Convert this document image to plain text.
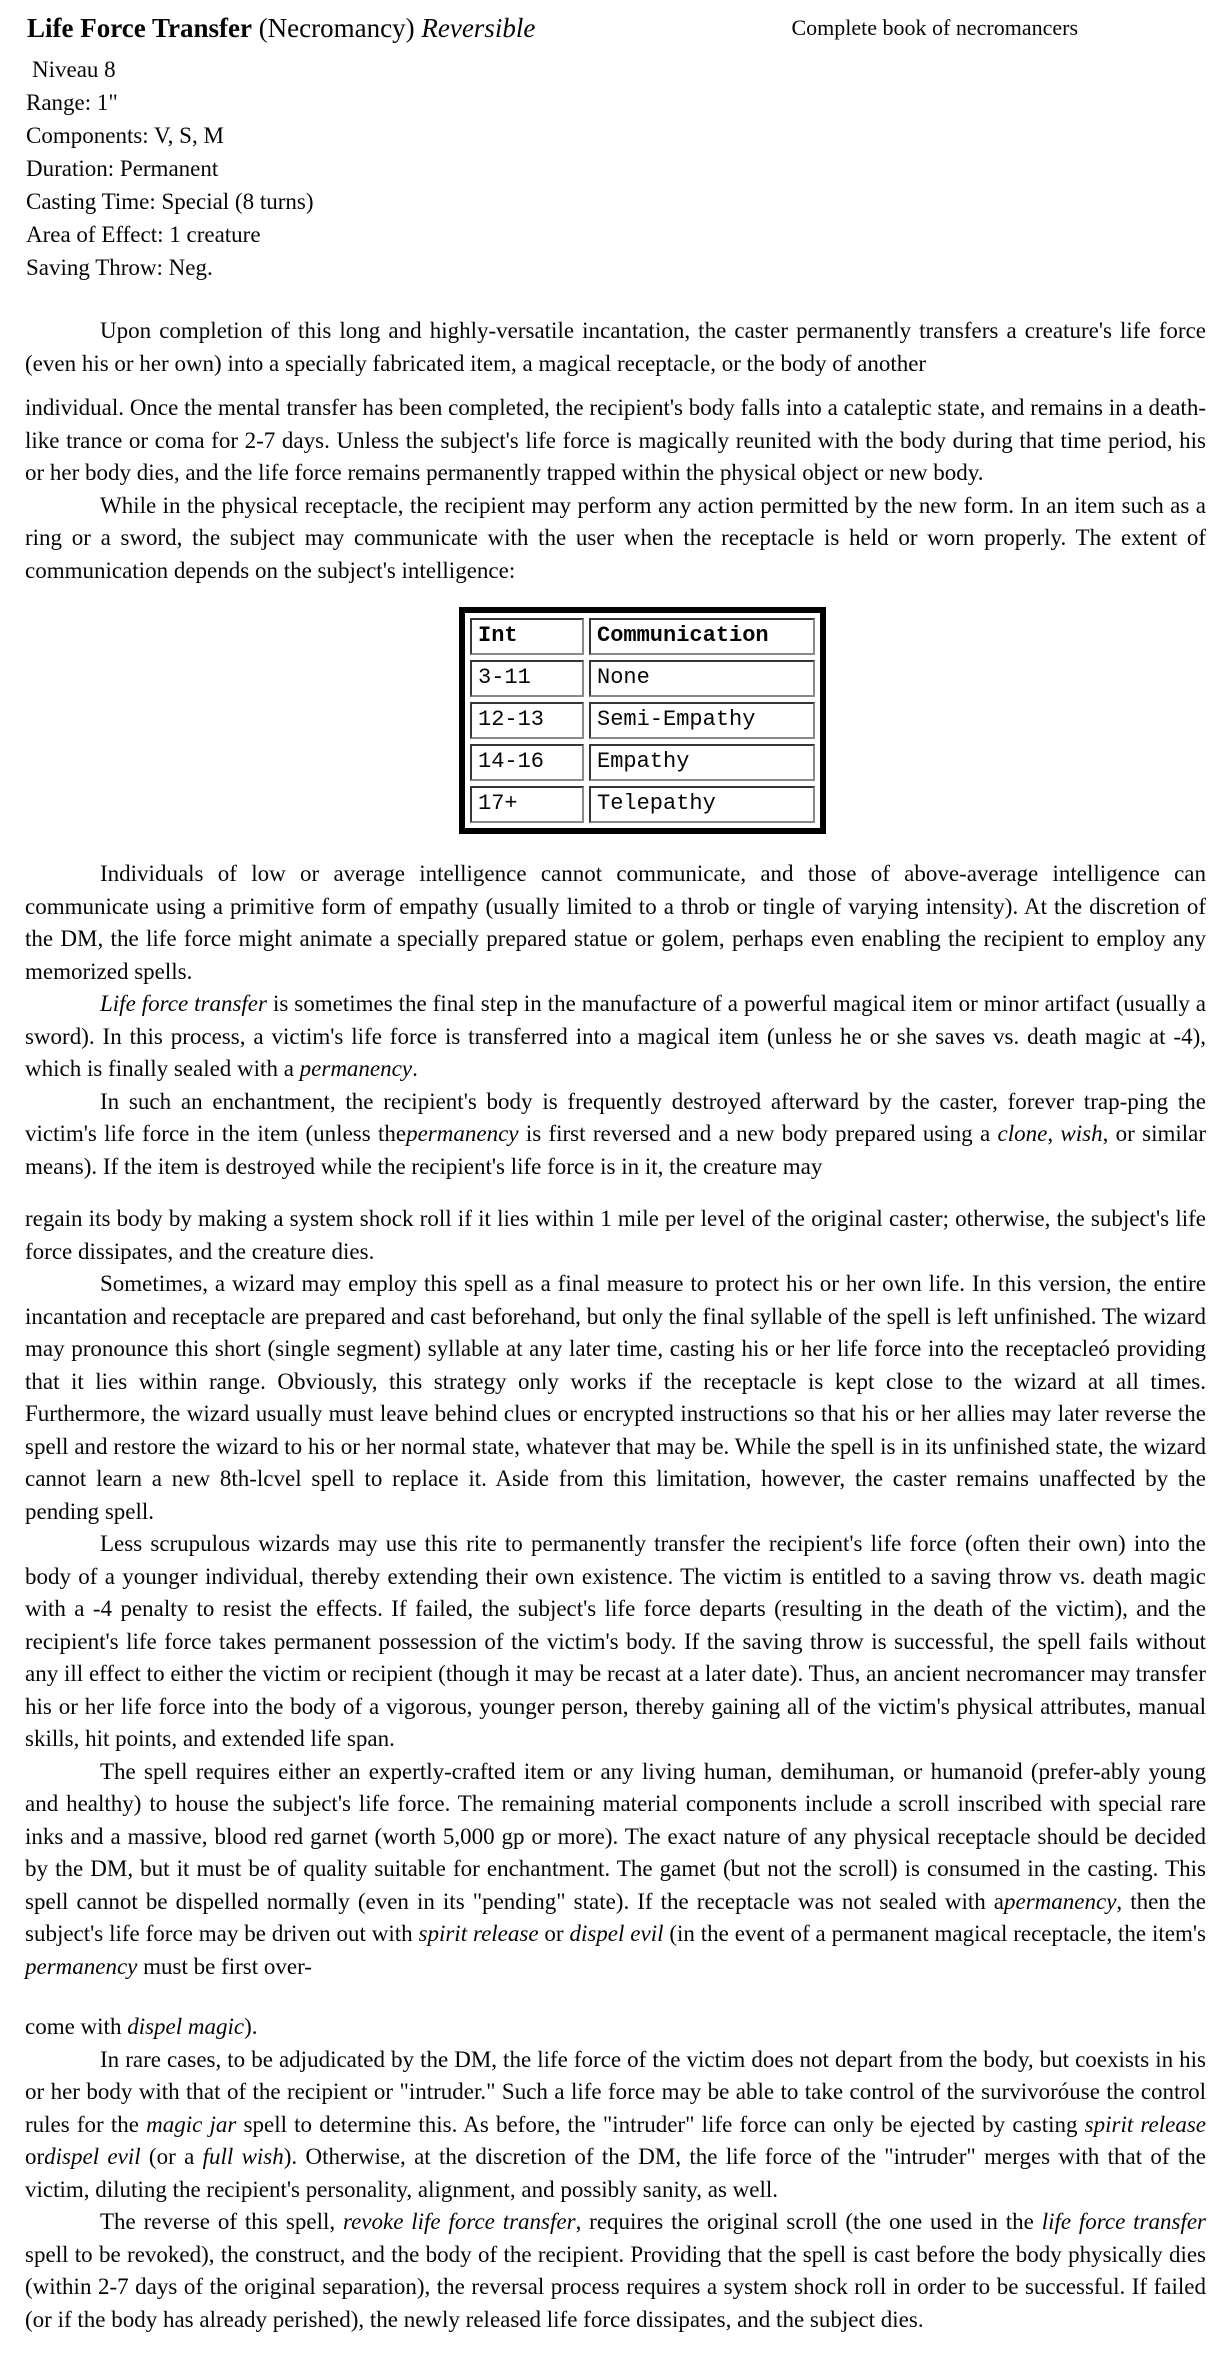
Life Force Transfer (Necromancy) Reversible	Complete book of necromancers
Niveau 8
Range: 1"
Components: V, S, M
Duration: Permanent
Casting Time: Special (8 turns)
Area of Effect: 1 creature
Saving Throw: Neg.

Upon completion of this long and highly-versatile incantation, the caster permanently transfers a creature's life force (even his or her own) into a specially fabricated item, a magical receptacle, or the body of another

individual. Once the mental transfer has been completed, the recipient's body falls into a cataleptic state, and remains in a death-like trance or coma for 2-7 days. Unless the subject's life force is magically reunited with the body during that time period, his or her body dies, and the life force remains permanently trapped within the physical object or new body.

While in the physical receptacle, the recipient may perform any action permitted by the new form. In an item such as a ring or a sword, the subject may communicate with the user when the receptacle is held or worn properly. The extent of communication depends on the subject's intelligence:

Int	Communication
3-11	None
12-13	Semi-Empathy
14-16	Empathy
17+	Telepathy

Individuals of low or average intelligence cannot communicate, and those of above-average intelligence can communicate using a primitive form of empathy (usually limited to a throb or tingle of varying intensity). At the discretion of the DM, the life force might animate a specially prepared statue or golem, perhaps even enabling the recipient to employ any memorized spells.

Life force transfer is sometimes the final step in the manufacture of a powerful magical item or minor artifact (usually a sword). In this process, a victim's life force is transferred into a magical item (unless he or she saves vs. death magic at -4), which is finally sealed with a permanency.

In such an enchantment, the recipient's body is frequently destroyed afterward by the caster, forever trap-ping the victim's life force in the item (unless thepermanency is first reversed and a new body prepared using a clone, wish, or similar means). If the item is destroyed while the recipient's life force is in it, the creature may

regain its body by making a system shock roll if it lies within 1 mile per level of the original caster; otherwise, the subject's life force dissipates, and the creature dies.

Sometimes, a wizard may employ this spell as a final measure to protect his or her own life. In this version, the entire incantation and receptacle are prepared and cast beforehand, but only the final syllable of the spell is left unfinished. The wizard may pronounce this short (single segment) syllable at any later time, casting his or her life force into the receptacleó providing that it lies within range. Obviously, this strategy only works if the receptacle is kept close to the wizard at all times. Furthermore, the wizard usually must leave behind clues or encrypted instructions so that his or her allies may later reverse the spell and restore the wizard to his or her normal state, whatever that may be. While the spell is in its unfinished state, the wizard cannot learn a new 8th-lcvel spell to replace it. Aside from this limitation, however, the caster remains unaffected by the pending spell.

Less scrupulous wizards may use this rite to permanently transfer the recipient's life force (often their own) into the body of a younger individual, thereby extending their own existence. The victim is entitled to a saving throw vs. death magic with a -4 penalty to resist the effects. If failed, the subject's life force departs (resulting in the death of the victim), and the recipient's life force takes permanent possession of the victim's body. If the saving throw is successful, the spell fails without any ill effect to either the victim or recipient (though it may be recast at a later date). Thus, an ancient necromancer may transfer his or her life force into the body of a vigorous, younger person, thereby gaining all of the victim's physical attributes, manual skills, hit points, and extended life span.

The spell requires either an expertly-crafted item or any living human, demihuman, or humanoid (prefer-ably young and healthy) to house the subject's life force. The remaining material components include a scroll inscribed with special rare inks and a massive, blood red garnet (worth 5,000 gp or more). The exact nature of any physical receptacle should be decided by the DM, but it must be of quality suitable for enchantment. The gamet (but not the scroll) is consumed in the casting. This spell cannot be dispelled normally (even in its "pending" state). If the receptacle was not sealed with apermanency, then the subject's life force may be driven out with spirit release or dispel evil (in the event of a permanent magical receptacle, the item's permanency must be first over-

come with dispel magic).

In rare cases, to be adjudicated by the DM, the life force of the victim does not depart from the body, but coexists in his or her body with that of the recipient or "intruder." Such a life force may be able to take control of the survivoróuse the control rules for the magic jar spell to determine this. As before, the "intruder" life force can only be ejected by casting spirit release ordispel evil (or a full wish). Otherwise, at the discretion of the DM, the life force of the "intruder" merges with that of the victim, diluting the recipient's personality, alignment, and possibly sanity, as well.

The reverse of this spell, revoke life force transfer, requires the original scroll (the one used in the life force transfer spell to be revoked), the construct, and the body of the recipient. Providing that the spell is cast before the body physically dies (within 2-7 days of the original separation), the reversal process requires a system shock roll in order to be successful. If failed (or if the body has already perished), the newly released life force dissipates, and the subject dies.
